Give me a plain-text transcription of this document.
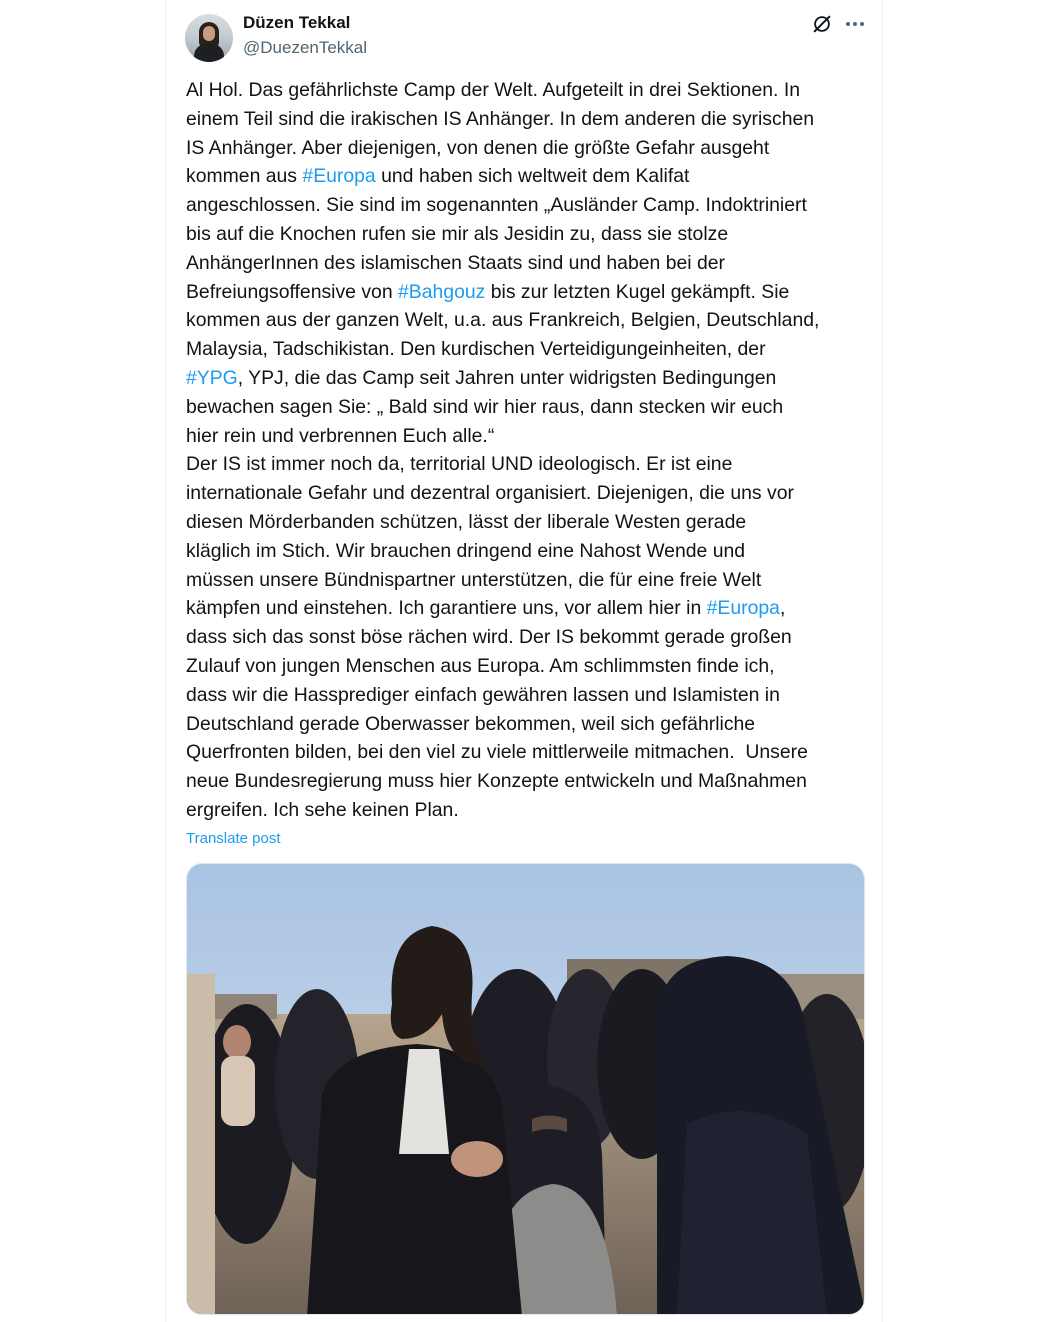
Düzen Tekkal
@DuezenTekkal

Al Hol. Das gefährlichste Camp der Welt. Aufgeteilt in drei Sektionen. In
einem Teil sind die irakischen IS Anhänger. In dem anderen die syrischen
IS Anhänger. Aber diejenigen, von denen die größte Gefahr ausgeht
kommen aus #Europa und haben sich weltweit dem Kalifat
angeschlossen. Sie sind im sogenannten „Ausländer Camp. Indoktriniert
bis auf die Knochen rufen sie mir als Jesidin zu, dass sie stolze
AnhängerInnen des islamischen Staats sind und haben bei der
Befreiungsoffensive von #Bahgouz bis zur letzten Kugel gekämpft. Sie
kommen aus der ganzen Welt, u.a. aus Frankreich, Belgien, Deutschland,
Malaysia, Tadschikistan. Den kurdischen Verteidigungeinheiten, der
#YPG, YPJ, die das Camp seit Jahren unter widrigsten Bedingungen
bewachen sagen Sie: „ Bald sind wir hier raus, dann stecken wir euch
hier rein und verbrennen Euch alle.“
Der IS ist immer noch da, territorial UND ideologisch. Er ist eine
internationale Gefahr und dezentral organisiert. Diejenigen, die uns vor
diesen Mörderbanden schützen, lässt der liberale Westen gerade
kläglich im Stich. Wir brauchen dringend eine Nahost Wende und
müssen unsere Bündnispartner unterstützen, die für eine freie Welt
kämpfen und einstehen. Ich garantiere uns, vor allem hier in #Europa,
dass sich das sonst böse rächen wird. Der IS bekommt gerade großen
Zulauf von jungen Menschen aus Europa. Am schlimmsten finde ich,
dass wir die Hassprediger einfach gewähren lassen und Islamisten in
Deutschland gerade Oberwasser bekommen, weil sich gefährliche
Querfronten bilden, bei den viel zu viele mittlerweile mitmachen.  Unsere
neue Bundesregierung muss hier Konzepte entwickeln und Maßnahmen
ergreifen. Ich sehe keinen Plan.

Translate post
